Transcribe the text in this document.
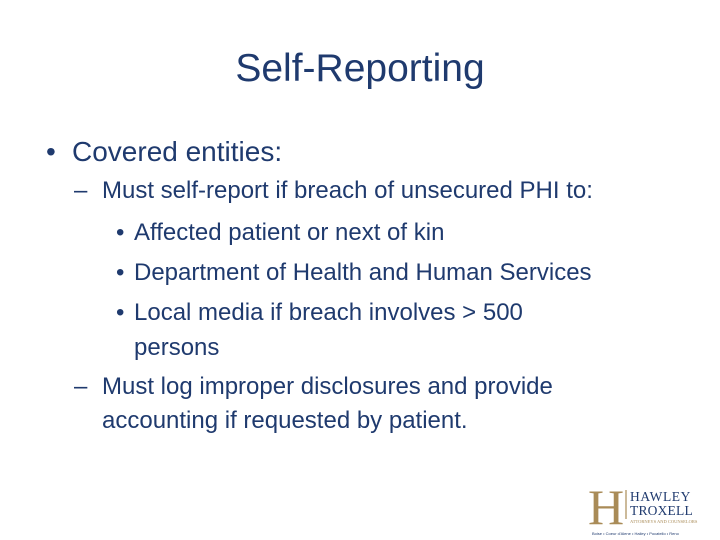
Self-Reporting
• Covered entities:
– Must self-report if breach of unsecured PHI to:
• Affected patient or next of kin
• Department of Health and Human Services
• Local media if breach involves > 500
persons
– Must log improper disclosures and provide
accounting if requested by patient.
H HAWLEY
TROXELL
ATTORNEYS AND COUNSELORS
Boise • Coeur d'Alene • Hailey • Pocatello • Reno
